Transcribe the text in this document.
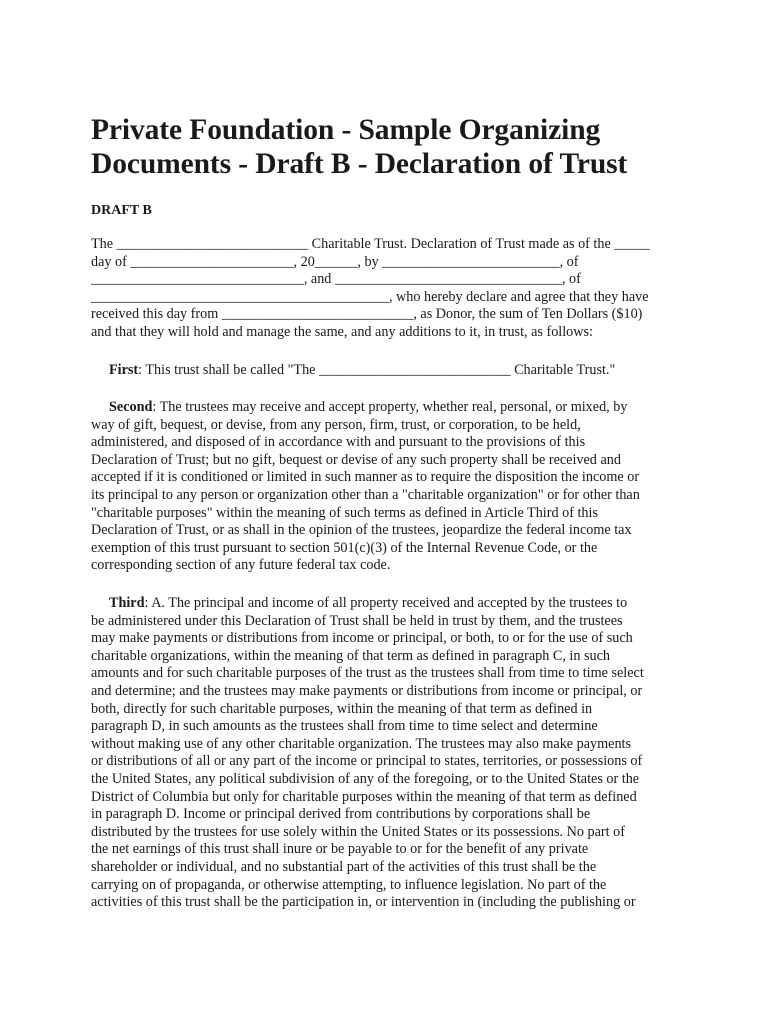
Private Foundation - Sample Organizing
Documents - Draft B - Declaration of Trust

DRAFT B

The ___________________________ Charitable Trust. Declaration of Trust made as of the _____
day of _______________________, 20______, by _________________________, of
______________________________, and ________________________________, of
__________________________________________, who hereby declare and agree that they have
received this day from ___________________________, as Donor, the sum of Ten Dollars ($10)
and that they will hold and manage the same, and any additions to it, in trust, as follows:

First: This trust shall be called "The ___________________________ Charitable Trust."

Second: The trustees may receive and accept property, whether real, personal, or mixed, by
way of gift, bequest, or devise, from any person, firm, trust, or corporation, to be held,
administered, and disposed of in accordance with and pursuant to the provisions of this
Declaration of Trust; but no gift, bequest or devise of any such property shall be received and
accepted if it is conditioned or limited in such manner as to require the disposition the income or
its principal to any person or organization other than a "charitable organization" or for other than
"charitable purposes" within the meaning of such terms as defined in Article Third of this
Declaration of Trust, or as shall in the opinion of the trustees, jeopardize the federal income tax
exemption of this trust pursuant to section 501(c)(3) of the Internal Revenue Code, or the
corresponding section of any future federal tax code.

Third: A. The principal and income of all property received and accepted by the trustees to
be administered under this Declaration of Trust shall be held in trust by them, and the trustees
may make payments or distributions from income or principal, or both, to or for the use of such
charitable organizations, within the meaning of that term as defined in paragraph C, in such
amounts and for such charitable purposes of the trust as the trustees shall from time to time select
and determine; and the trustees may make payments or distributions from income or principal, or
both, directly for such charitable purposes, within the meaning of that term as defined in
paragraph D, in such amounts as the trustees shall from time to time select and determine
without making use of any other charitable organization. The trustees may also make payments
or distributions of all or any part of the income or principal to states, territories, or possessions of
the United States, any political subdivision of any of the foregoing, or to the United States or the
District of Columbia but only for charitable purposes within the meaning of that term as defined
in paragraph D. Income or principal derived from contributions by corporations shall be
distributed by the trustees for use solely within the United States or its possessions. No part of
the net earnings of this trust shall inure or be payable to or for the benefit of any private
shareholder or individual, and no substantial part of the activities of this trust shall be the
carrying on of propaganda, or otherwise attempting, to influence legislation. No part of the
activities of this trust shall be the participation in, or intervention in (including the publishing or
